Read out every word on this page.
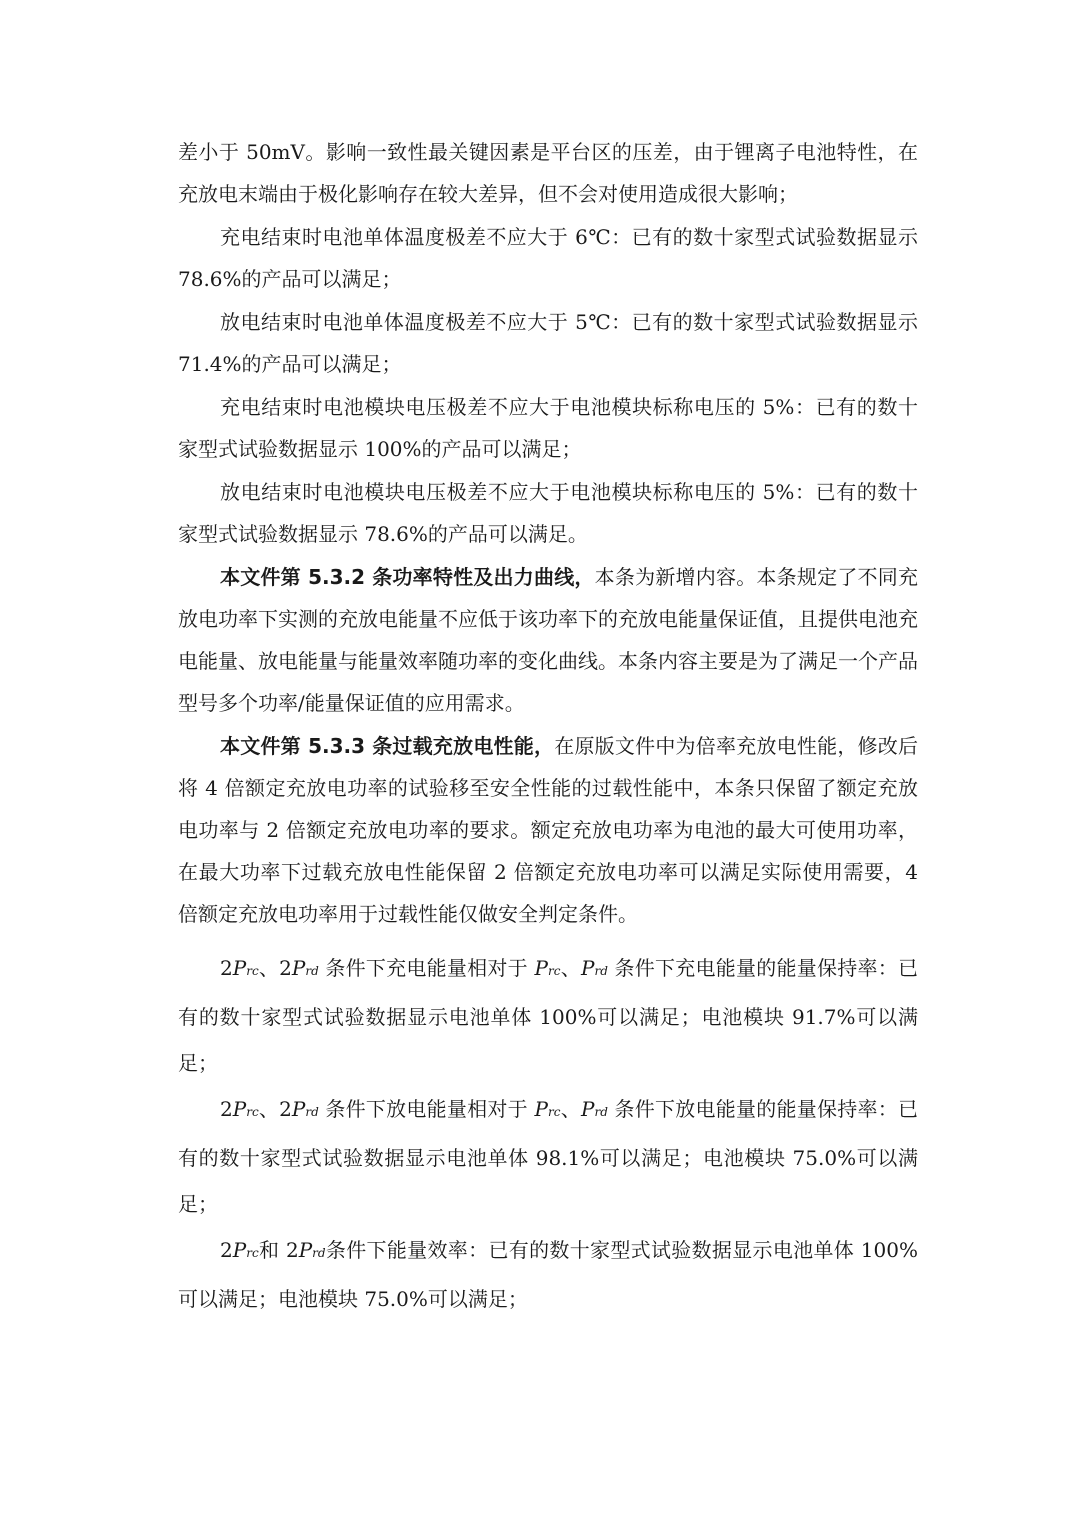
差小于 50mV。影响一致性最关键因素是平台区的压差，由于锂离子电池特性，在充放电末端由于极化影响存在较大差异，但不会对使用造成很大影响；

充电结束时电池单体温度极差不应大于 6℃：已有的数十家型式试验数据显示 78.6%的产品可以满足；

放电结束时电池单体温度极差不应大于 5℃：已有的数十家型式试验数据显示 71.4%的产品可以满足；

充电结束时电池模块电压极差不应大于电池模块标称电压的 5%：已有的数十家型式试验数据显示 100%的产品可以满足；

放电结束时电池模块电压极差不应大于电池模块标称电压的 5%：已有的数十家型式试验数据显示 78.6%的产品可以满足。

本文件第 5.3.2 条功率特性及出力曲线，本条为新增内容。本条规定了不同充放电功率下实测的充放电能量不应低于该功率下的充放电能量保证值，且提供电池充电能量、放电能量与能量效率随功率的变化曲线。本条内容主要是为了满足一个产品型号多个功率/能量保证值的应用需求。

本文件第 5.3.3 条过载充放电性能，在原版文件中为倍率充放电性能，修改后将 4 倍额定充放电功率的试验移至安全性能的过载性能中，本条只保留了额定充放电功率与 2 倍额定充放电功率的要求。额定充放电功率为电池的最大可使用功率，在最大功率下过载充放电性能保留 2 倍额定充放电功率可以满足实际使用需要，4 倍额定充放电功率用于过载性能仅做安全判定条件。

2Prc、2Prd 条件下充电能量相对于 Prc、Prd 条件下充电能量的能量保持率：已有的数十家型式试验数据显示电池单体 100%可以满足；电池模块 91.7%可以满足；

2Prc、2Prd 条件下放电能量相对于 Prc、Prd 条件下放电能量的能量保持率：已有的数十家型式试验数据显示电池单体 98.1%可以满足；电池模块 75.0%可以满足；

2Prc和 2Prd条件下能量效率：已有的数十家型式试验数据显示电池单体 100%可以满足；电池模块 75.0%可以满足；
